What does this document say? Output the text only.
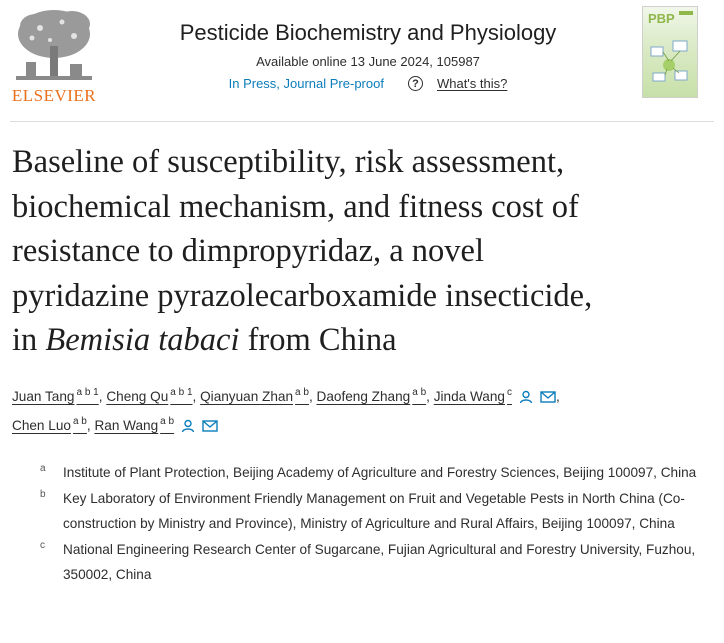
ELSEVIER
Pesticide Biochemistry and Physiology
Available online 13 June 2024, 105987
In Press, Journal Pre-proof	?	What's this?
PBP
Baseline of susceptibility, risk assessment,
biochemical mechanism, and fitness cost of
resistance to dimpropyridaz, a novel
pyridazine pyrazolecarboxamide insecticide,
in Bemisia tabaci from China
Juan Tang $^{a b 1}$, Cheng Qu $^{a b 1}$, Qianyuan Zhan $^{a b}$, Daofeng Zhang $^{a b}$, Jinda Wang $^c$	,
Chen Luo $^{a b}$, Ran Wang $^{a b}$
a Institute of Plant Protection, Beijing Academy of Agriculture and Forestry Sciences, Beijing 100097, China
b Key Laboratory of Environment Friendly Management on Fruit and Vegetable Pests in North China (Co-construction by Ministry and Province), Ministry of Agriculture and Rural Affairs, Beijing 100097, China
c National Engineering Research Center of Sugarcane, Fujian Agricultural and Forestry University, Fuzhou, 350002, China
